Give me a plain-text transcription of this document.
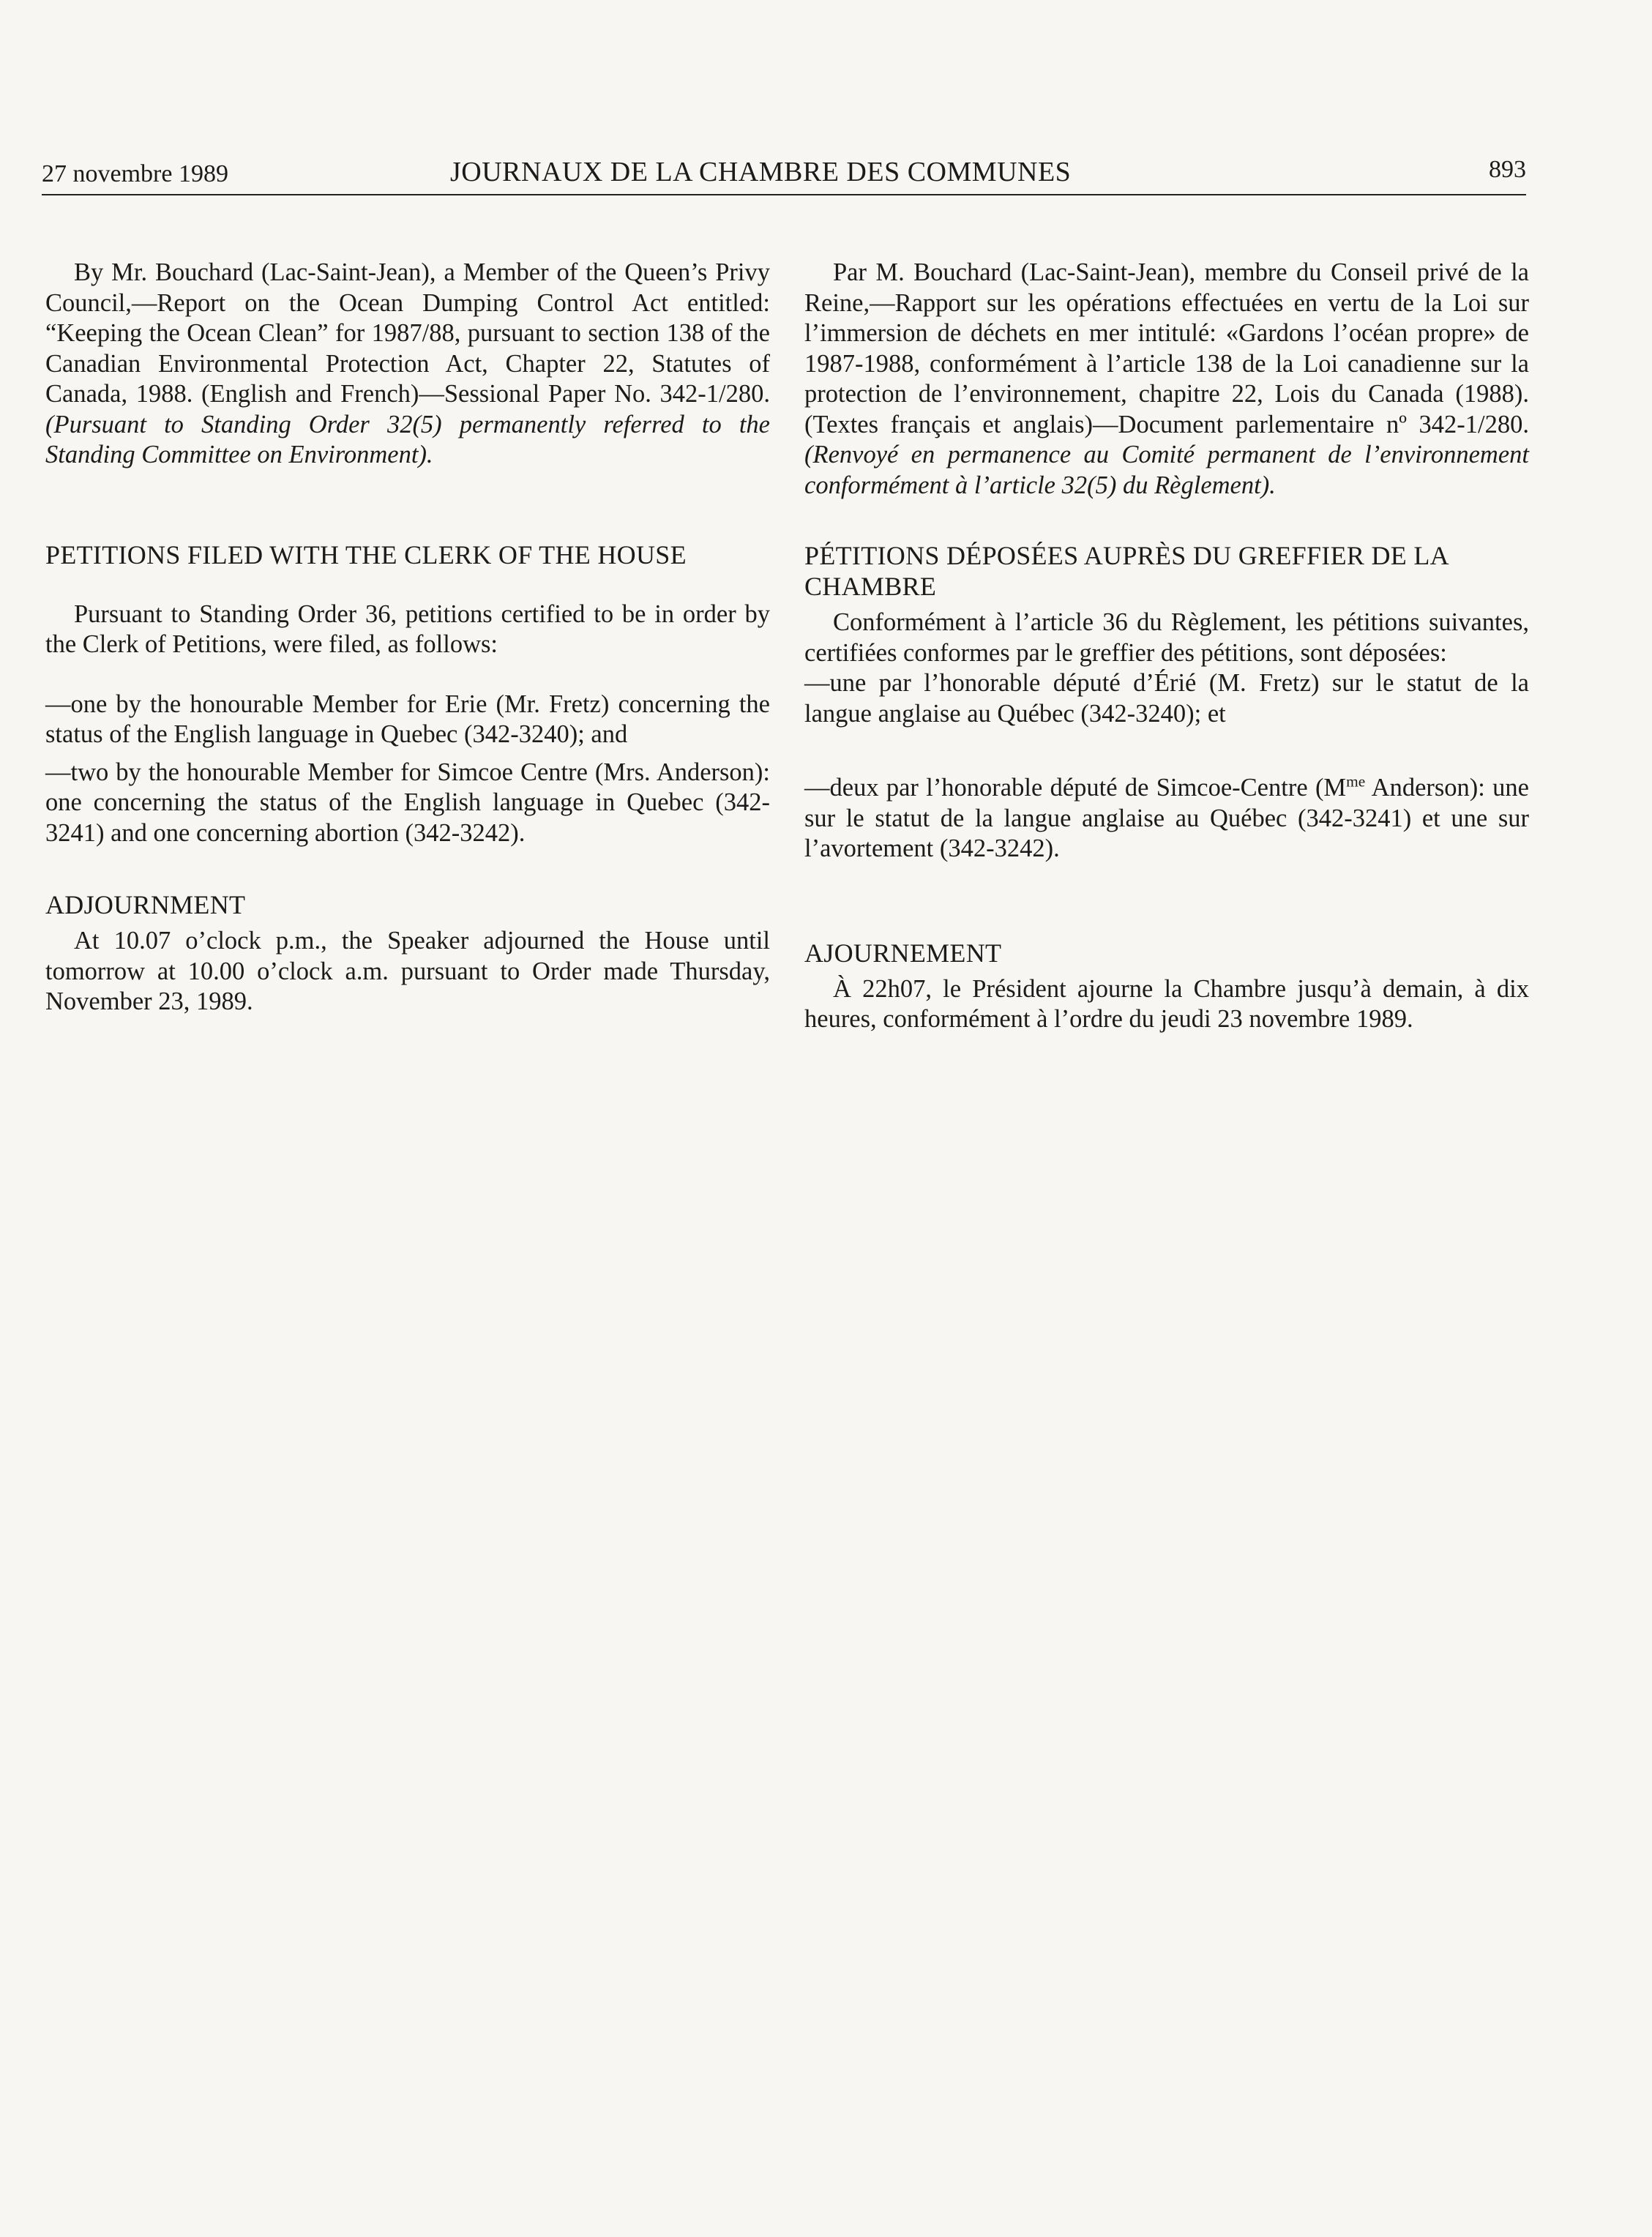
27 novembre 1989	JOURNAUX DE LA CHAMBRE DES COMMUNES	893

By Mr. Bouchard (Lac-Saint-Jean), a Member of the Queen’s Privy Council,—Report on the Ocean Dumping Control Act entitled: “Keeping the Ocean Clean” for 1987/88, pursuant to section 138 of the Canadian Environmental Protection Act, Chapter 22, Statutes of Canada, 1988. (English and French)—Sessional Paper No. 342-1/280. (Pursuant to Standing Order 32(5) permanently referred to the Standing Committee on Environment).

PETITIONS FILED WITH THE CLERK OF THE HOUSE

Pursuant to Standing Order 36, petitions certified to be in order by the Clerk of Petitions, were filed, as follows:

—one by the honourable Member for Erie (Mr. Fretz) concerning the status of the English language in Quebec (342-3240); and

—two by the honourable Member for Simcoe Centre (Mrs. Anderson): one concerning the status of the English language in Quebec (342-3241) and one concerning abortion (342-3242).

ADJOURNMENT

At 10.07 o’clock p.m., the Speaker adjourned the House until tomorrow at 10.00 o’clock a.m. pursuant to Order made Thursday, November 23, 1989.

Par M. Bouchard (Lac-Saint-Jean), membre du Conseil privé de la Reine,—Rapport sur les opérations effectuées en vertu de la Loi sur l’immersion de déchets en mer intitulé: «Gardons l’océan propre» de 1987-1988, conformément à l’article 138 de la Loi canadienne sur la protection de l’environnement, chapitre 22, Lois du Canada (1988). (Textes français et anglais)—Document parlementaire nº 342-1/280. (Renvoyé en permanence au Comité permanent de l’environnement conformément à l’article 32(5) du Règlement).

PÉTITIONS DÉPOSÉES AUPRÈS DU GREFFIER DE LA CHAMBRE

Conformément à l’article 36 du Règlement, les pétitions suivantes, certifiées conformes par le greffier des pétitions, sont déposées:

—une par l’honorable député d’Érié (M. Fretz) sur le statut de la langue anglaise au Québec (342-3240); et

—deux par l’honorable député de Simcoe-Centre ($M^{me}$ Anderson): une sur le statut de la langue anglaise au Québec (342-3241) et une sur l’avortement (342-3242).

AJOURNEMENT

À 22h07, le Président ajourne la Chambre jusqu’à demain, à dix heures, conformément à l’ordre du jeudi 23 novembre 1989.
